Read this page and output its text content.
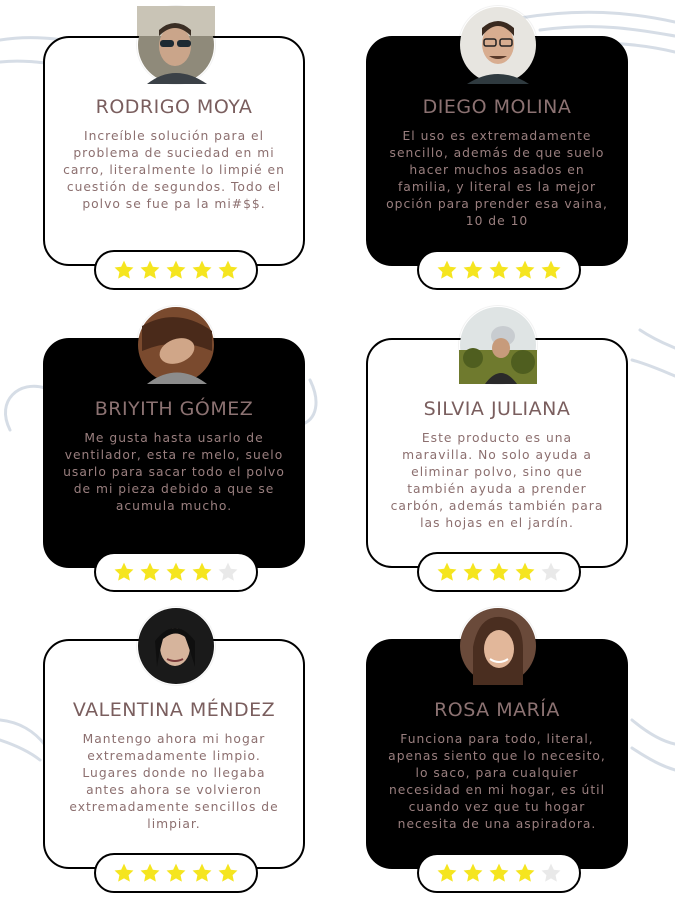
RODRIGO MOYA
Increíble solución para el problema de suciedad en mi carro, literalmente lo limpié en cuestión de segundos. Todo el polvo se fue pa la mi#$$.
DIEGO MOLINA
El uso es extremadamente sencillo, además de que suelo hacer muchos asados en familia, y literal es la mejor opción para prender esa vaina, 10 de 10
BRIYITH GÓMEZ
Me gusta hasta usarlo de ventilador, esta re melo, suelo usarlo para sacar todo el polvo de mi pieza debido a que se acumula mucho.
SILVIA JULIANA
Este producto es una maravilla. No solo ayuda a eliminar polvo, sino que también ayuda a prender carbón, además también para las hojas en el jardín.
VALENTINA MÉNDEZ
Mantengo ahora mi hogar extremadamente limpio. Lugares donde no llegaba antes ahora se volvieron extremadamente sencillos de limpiar.
ROSA MARÍA
Funciona para todo, literal, apenas siento que lo necesito, lo saco, para cualquier necesidad en mi hogar, es útil cuando vez que tu hogar necesita de una aspiradora.
